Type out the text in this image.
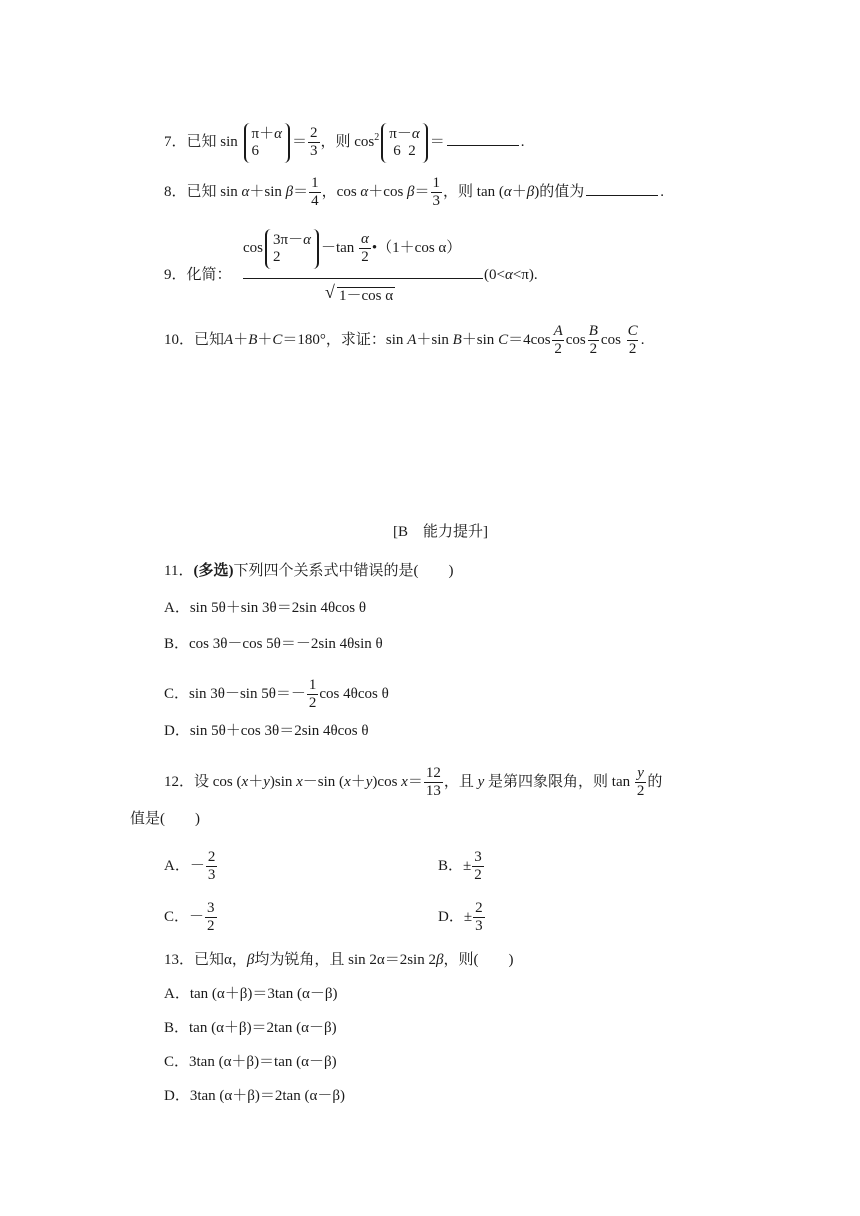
7．已知 sin
π＋α
6
＝ $\frac{2}{3}$ ，则 $\cos^2 \pi-\alpha$
6 2
＝	.
8．已知 sin α＋sin $\beta= \frac{1}{4}$ ，cos α＋cos $\beta= \frac{1}{3}$ ，则 tan (α＋β)的值为	.
9．化简：
cos
3π－α
2
$-\tan \frac{\alpha}{2}$ •（1＋cos α）
√ 1－cos α
(0<α<π).
10．已知A＋B＋C＝180°，求证：sin A＋sin B＋sin $C=4\cos \frac{A}{2}$ $\cos \frac{B}{2}$ $\cos \frac{C}{2}$ .
[B　能力提升]
11．(多选)下列四个关系式中错误的是(　　)
A．sin 5θ＋sin 3θ＝2sin 4θcos θ
B．cos 3θ－cos 5θ＝－2sin 4θsin θ
C．sin 3θ－sin $5\theta=- \frac{1}{2}$ cos 4θcos θ
D．sin 5θ＋cos 3θ＝2sin 4θcos θ
12．设 cos (x＋y)sin x－sin (x＋y)cos $x= \frac{12}{13}$ ，且 y 是第四象限角，则 $\tan \frac{y}{2}$ 的
值是(　　)
A．－ $\frac{2}{3}$	B．± $\frac{3}{2}$
C．－ $\frac{3}{2}$	D．± $\frac{2}{3}$
13．已知α，β均为锐角，且 sin 2α＝2sin 2β，则(　　)
A．tan (α＋β)＝3tan (α－β)
B．tan (α＋β)＝2tan (α－β)
C．3tan (α＋β)＝tan (α－β)
D．3tan (α＋β)＝2tan (α－β)
